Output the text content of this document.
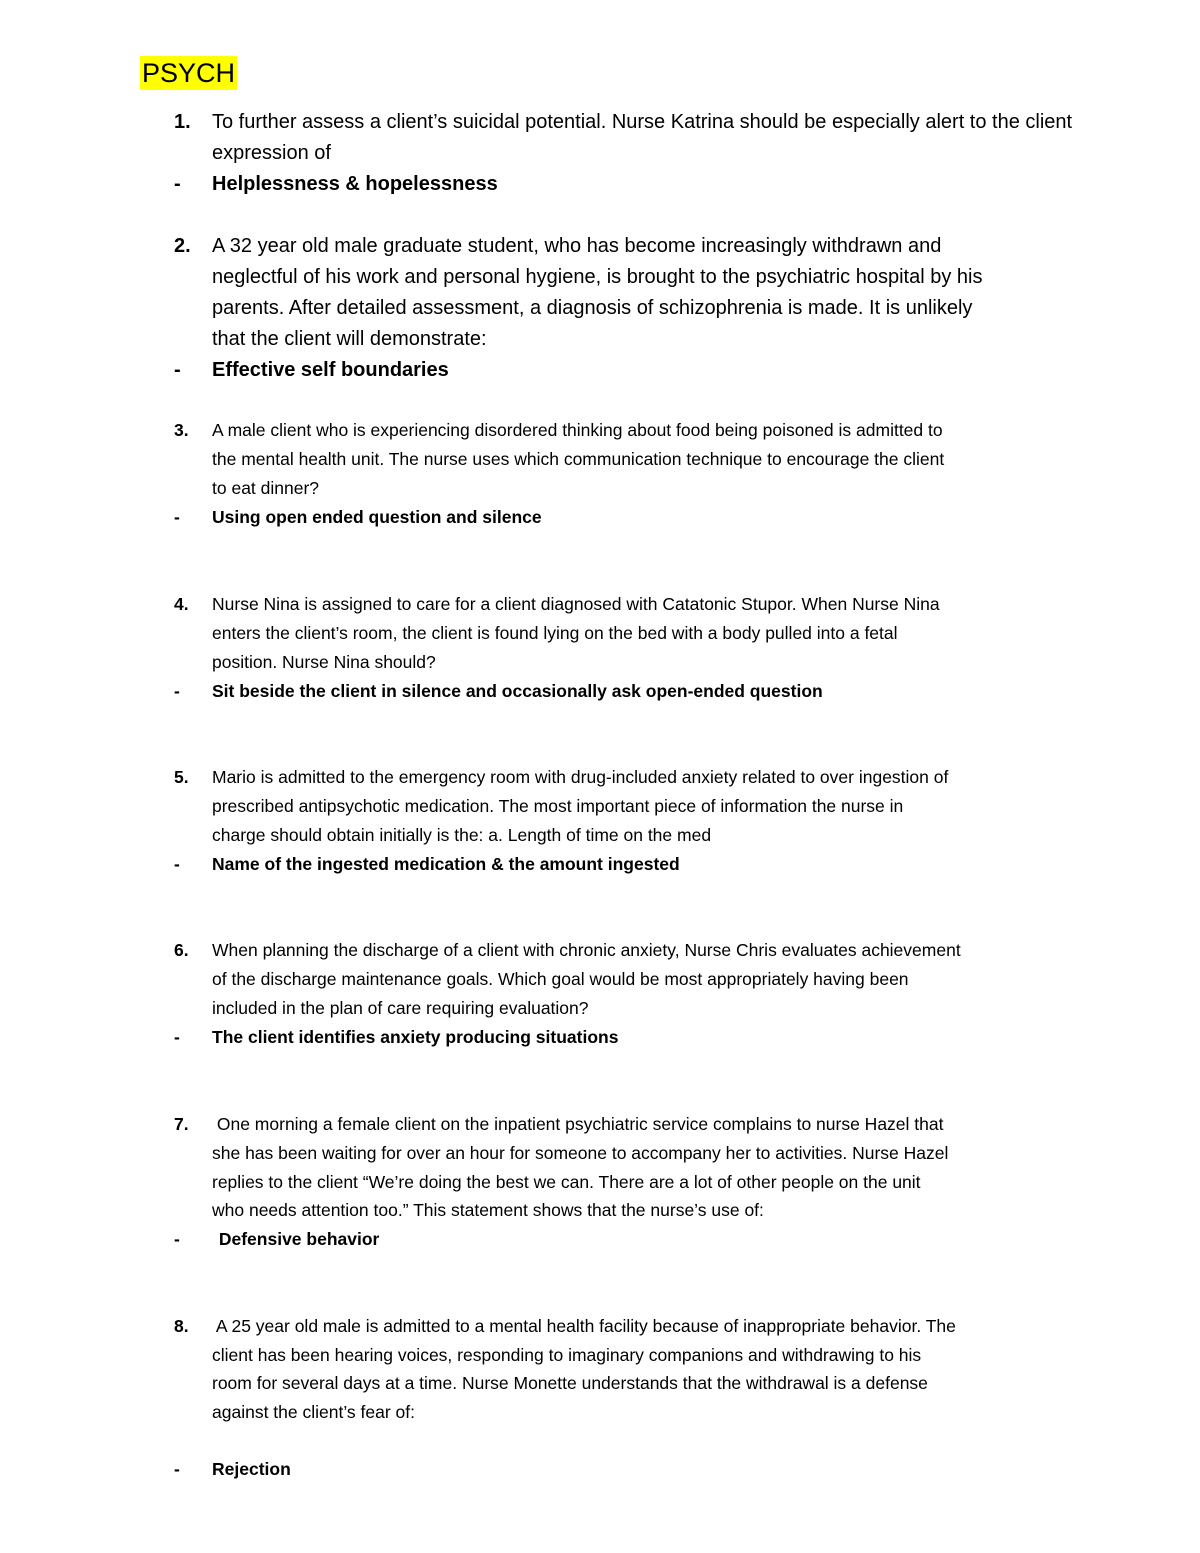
PSYCH
1. To further assess a client’s suicidal potential. Nurse Katrina should be especially alert to the client
expression of
- Helplessness & hopelessness
2. A 32 year old male graduate student, who has become increasingly withdrawn and
neglectful of his work and personal hygiene, is brought to the psychiatric hospital by his
parents. After detailed assessment, a diagnosis of schizophrenia is made. It is unlikely
that the client will demonstrate:
- Effective self boundaries
3. A male client who is experiencing disordered thinking about food being poisoned is admitted to
the mental health unit. The nurse uses which communication technique to encourage the client
to eat dinner?
- Using open ended question and silence
4. Nurse Nina is assigned to care for a client diagnosed with Catatonic Stupor. When Nurse Nina
enters the client’s room, the client is found lying on the bed with a body pulled into a fetal
position. Nurse Nina should?
- Sit beside the client in silence and occasionally ask open-ended question
5. Mario is admitted to the emergency room with drug-included anxiety related to over ingestion of
prescribed antipsychotic medication. The most important piece of information the nurse in
charge should obtain initially is the: a. Length of time on the med
- Name of the ingested medication & the amount ingested
6. When planning the discharge of a client with chronic anxiety, Nurse Chris evaluates achievement
of the discharge maintenance goals. Which goal would be most appropriately having been
included in the plan of care requiring evaluation?
- The client identifies anxiety producing situations
7. One morning a female client on the inpatient psychiatric service complains to nurse Hazel that
she has been waiting for over an hour for someone to accompany her to activities. Nurse Hazel
replies to the client “We’re doing the best we can. There are a lot of other people on the unit
who needs attention too.” This statement shows that the nurse’s use of:
- Defensive behavior
8. A 25 year old male is admitted to a mental health facility because of inappropriate behavior. The
client has been hearing voices, responding to imaginary companions and withdrawing to his
room for several days at a time. Nurse Monette understands that the withdrawal is a defense
against the client’s fear of:
- Rejection
